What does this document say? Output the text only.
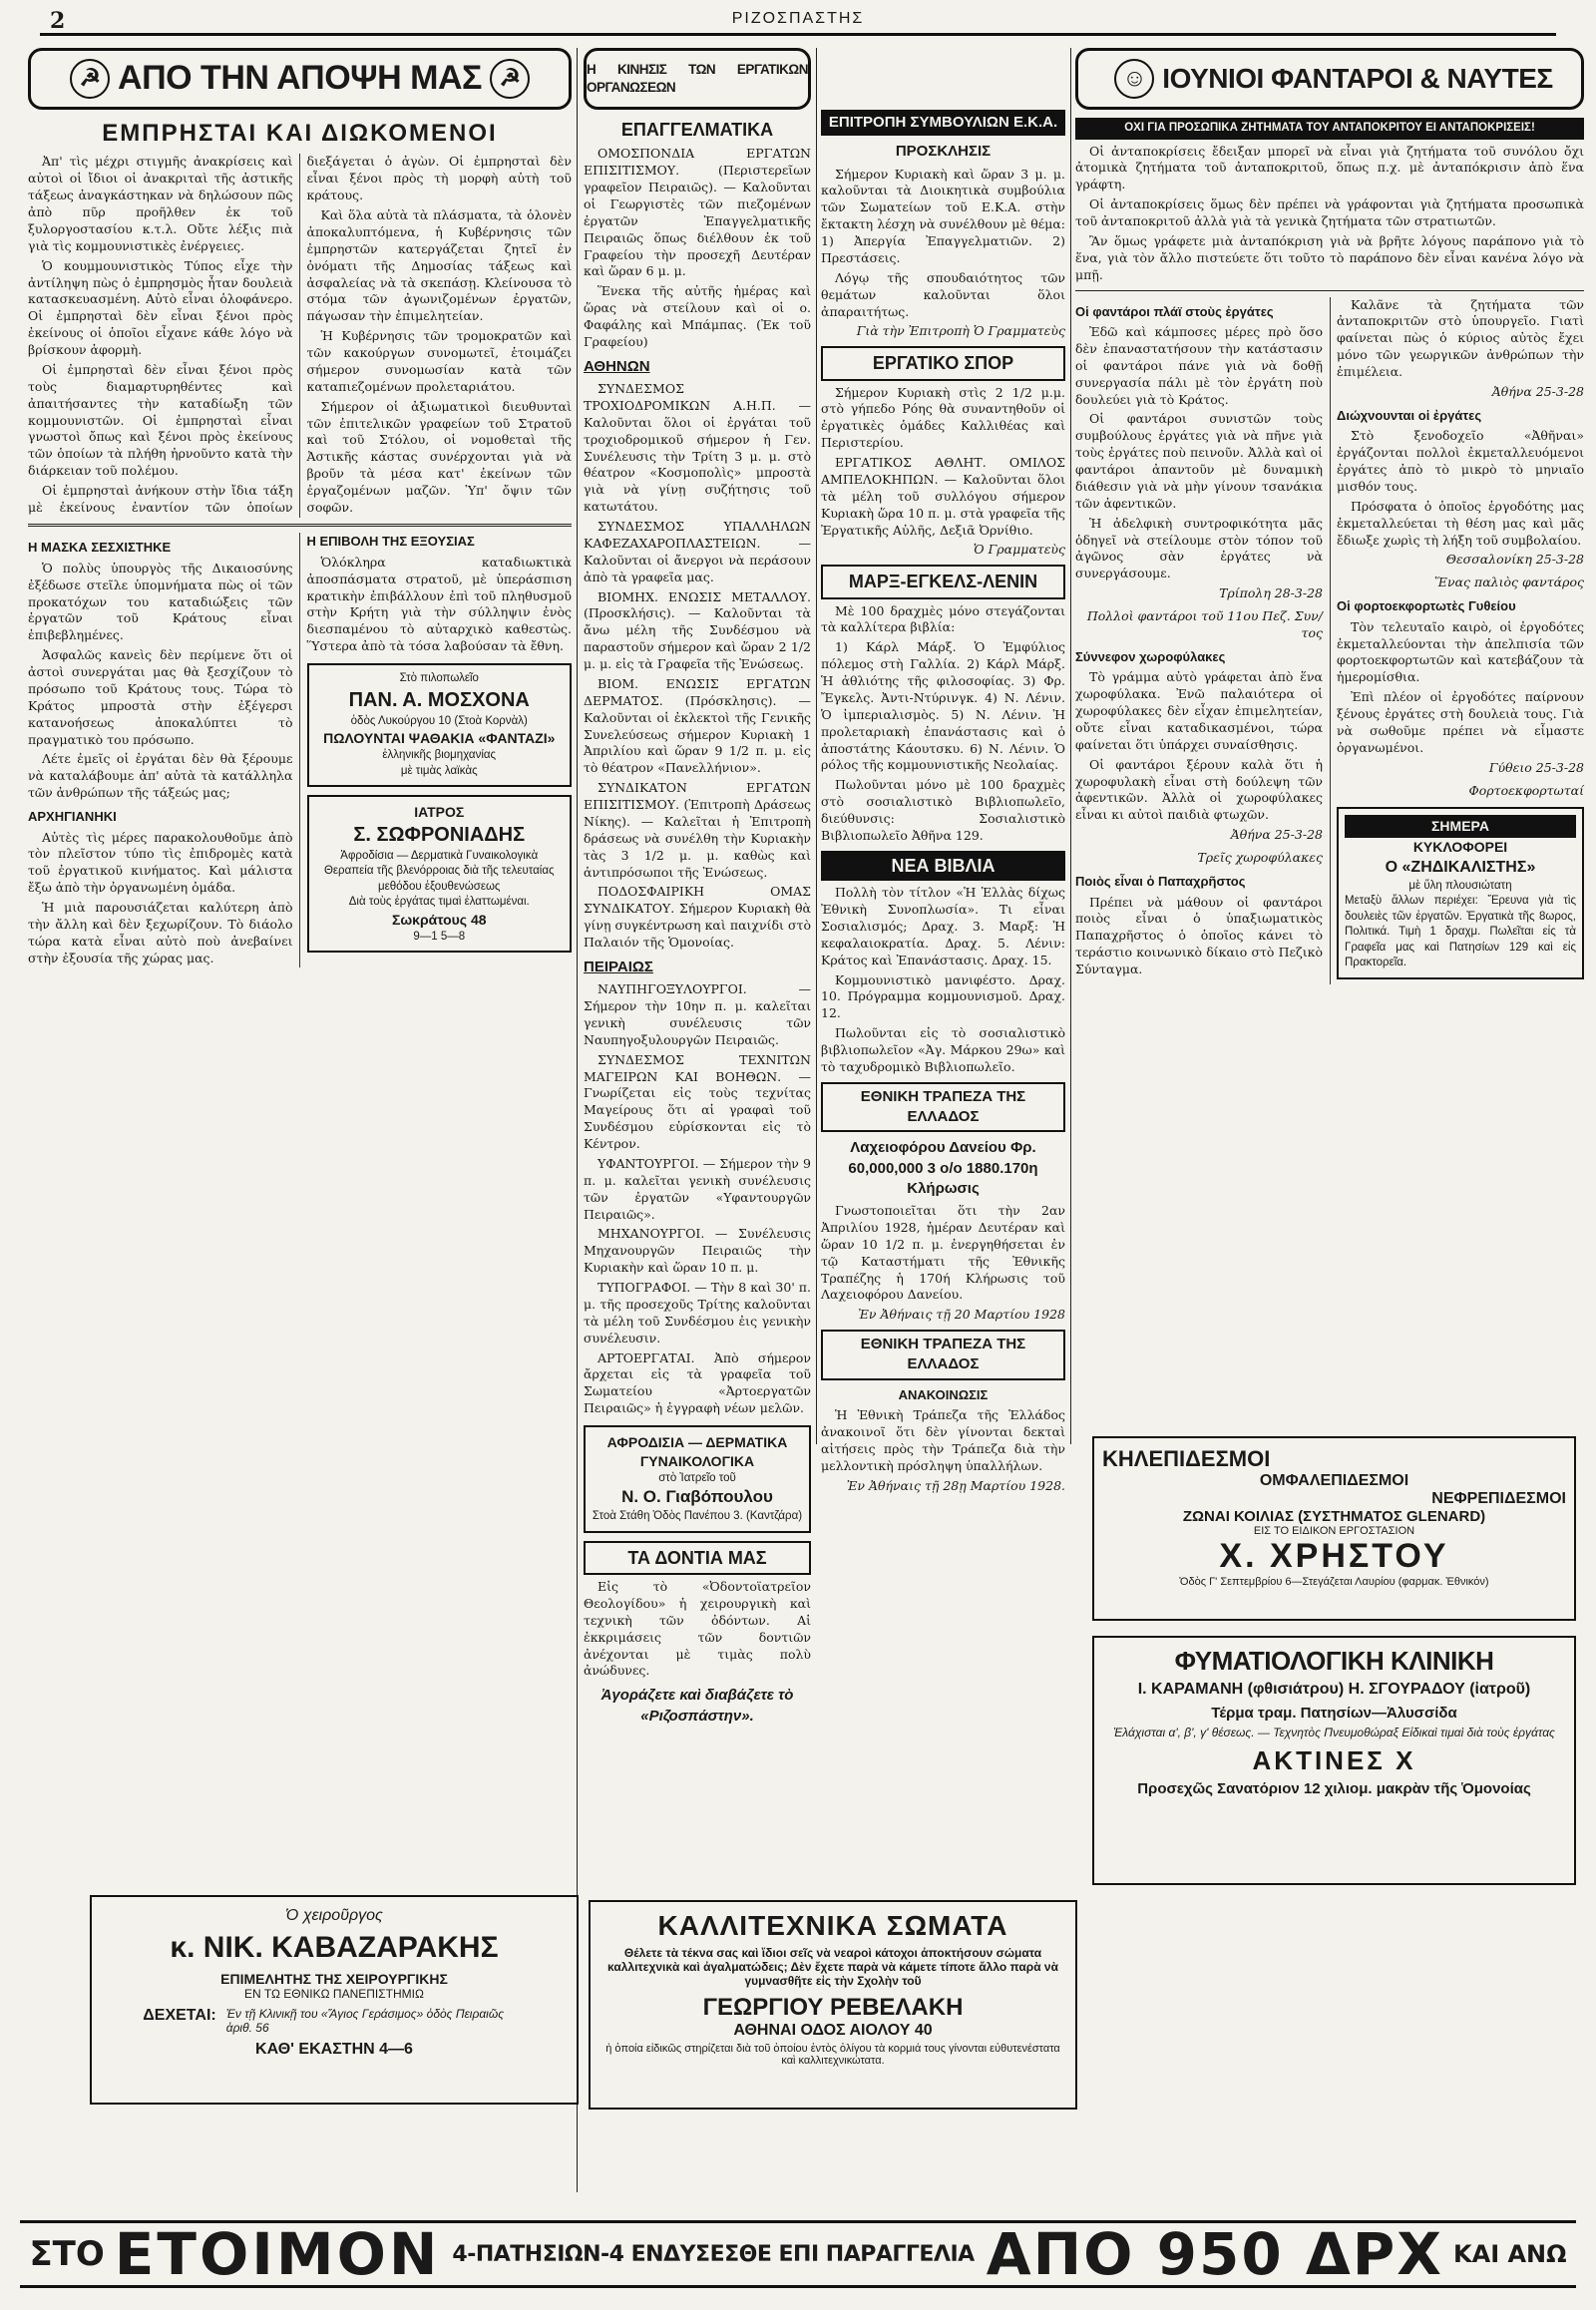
2	ΡΙΖΟΣΠΑΣΤΗΣ
☭ ΑΠΟ ΤΗΝ ΑΠΟΨΗ ΜΑΣ ☭
ΕΜΠΡΗΣΤΑΙ ΚΑΙ ΔΙΩΚΟΜΕΝΟΙ

Ἀπ' τὶς μέχρι στιγμῆς ἀνακρίσεις καὶ αὐτοὶ οἱ ἴδιοι οἱ ἀνακριταὶ τῆς ἀστικῆς τάξεως ἀναγκάστηκαν νὰ δηλώσουν πῶς ἀπὸ πῦρ προῆλθεν ἐκ τοῦ ξυλοργοστασίου κ.τ.λ. Οὔτε λέξις πιὰ γιὰ τὶς κομμουνιστικὲς ἐνέργειες.

Ὁ κουμμουνιστικὸς Τύπος εἶχε τὴν ἀντίληψη πὼς ὁ ἐμπρησμὸς ἦταν δουλειὰ κατασκευασμένη. Αὐτὸ εἶναι ὁλοφάνερο. Οἱ ἐμπρησταὶ δὲν εἶναι ξένοι πρὸς ἐκείνους οἱ ὁποῖοι εἶχανε κάθε λόγο νὰ βρίσκουν ἀφορμὴ.

Οἱ ἐμπρησταὶ δὲν εἶναι ξένοι πρὸς τοὺς διαμαρτυρηθέντες καὶ ἀπαιτήσαντες τὴν καταδίωξη τῶν κομμουνιστῶν. Οἱ ἐμπρησταὶ εἶναι γνωστοὶ ὄπως καὶ ξένοι πρὸς ἐκείνους τῶν ὁποίων τὰ πλήθη ἠρνοῦντο κατὰ τὴν διάρκειαν τοῦ πολέμου.

Οἱ ἐμπρησταὶ ἀνήκουν στὴν ἴδια τάξη μὲ ἐκείνους ἐναντίον τῶν ὁποίων διεξάγεται ὁ ἀγὼν. Οἱ ἐμπρησταὶ δὲν εἶναι ξένοι πρὸς τὴ μορφὴ αὐτὴ τοῦ κράτους.

Καὶ ὅλα αὐτὰ τὰ πλάσματα, τὰ ὁλονὲν ἀποκαλυπτόμενα, ἡ Κυβέρνησις τῶν ἐμπρηστῶν κατεργάζεται ζητεῖ ἐν ὀνόματι τῆς Δημοσίας τάξεως καὶ ἀσφαλείας νὰ τὰ σκεπάσῃ. Κλείνουσα τὸ στόμα τῶν ἀγωνιζομένων ἐργατῶν, πάγωσαν τὴν ἐπιμελητείαν.

Ἡ Κυβέρνησις τῶν τρομοκρατῶν καὶ τῶν κακούργων συνομωτεῖ, ἑτοιμάζει σήμερον συνομωσίαν κατὰ τῶν καταπιεζομένων προλεταριάτου.

Σήμερον οἱ ἀξιωματικοὶ διευθυνταὶ τῶν ἐπιτελικῶν γραφείων τοῦ Στρατοῦ καὶ τοῦ Στόλου, οἱ νομοθεταὶ τῆς Ἀστικῆς κάστας συνέρχονται γιὰ νὰ βροῦν τὰ μέσα κατ' ἐκείνων τῶν ἐργαζομένων μαζῶν. Ὑπ' ὄψιν τῶν σοφῶν.

Η ΜΑΣΚΑ ΣΕΣΧΙΣΤΗΚΕ

Ὁ πολὺς ὑπουργὸς τῆς Δικαιοσύνης ἐξέδωσε στεῖλε ὑπομνήματα πὼς οἱ τῶν προκατόχων του καταδιώξεις τῶν ἐργατῶν τοῦ Κράτους εἶναι ἐπιβεβλημένες.

Ἀσφαλῶς κανεὶς δὲν περίμενε ὅτι οἱ ἀστοὶ συνεργάται μας θὰ ξεσχίζουν τὸ πρόσωπο τοῦ Κράτους τους. Τώρα τὸ Κράτος μπροστὰ στὴν ἐξέγερσι κατανοήσεως ἀποκαλύπτει τὸ πραγματικὸ του πρόσωπο.

Λέτε ἐμεῖς οἱ ἐργάται δὲν θὰ ξέρουμε νὰ καταλάβουμε ἀπ' αὐτὰ τὰ κατάλληλα τῶν ἀνθρώπων τῆς τάξεώς μας;

ΑΡΧΗΓΙΑΝΗΚΙ

Αὐτὲς τὶς μέρες παρακολουθοῦμε ἀπὸ τὸν πλεῖστον τύπο τὶς ἐπιδρομὲς κατὰ τοῦ ἐργατικοῦ κινήματος. Καὶ μάλιστα ἔξω ἀπὸ τὴν ὀργανωμένη ὀμάδα.

Ἡ μιὰ παρουσιάζεται καλύτερη ἀπὸ τὴν ἄλλη καὶ δὲν ξεχωρίζουν. Τὸ διάολο τώρα κατὰ εἶναι αὐτὸ ποὺ ἀνεβαίνει στὴν ἐξουσία τῆς χώρας μας.

Η ΕΠΙΒΟΛΗ ΤΗΣ ΕΞΟΥΣΙΑΣ

Ὁλόκληρα καταδιωκτικὰ ἀποσπάσματα στρατοῦ, μὲ ὑπεράσπιση κρατικὴν ἐπιβάλλουν ἐπὶ τοῦ πληθυσμοῦ στὴν Κρήτη γιὰ τὴν σύλληψιν ἐνὸς διεσπαμένου τὸ αὐταρχικὸ καθεστὼς. Ὕστερα ἀπὸ τὰ τόσα λαβούσαν τὰ ἔθνη.

Στὸ πιλοπωλεῖο
ΠΑΝ. Α. ΜΟΣΧΟΝΑ
ὁδὸς Λυκούργου 10 (Στοὰ Κορνὰλ)
ΠΩΛΟΥΝΤΑΙ ΨΑΘΑΚΙΑ «ΦΑΝΤΑΖΙ»
ἑλληνικῆς βιομηχανίας
μὲ τιμὰς λαϊκὰς
ΙΑΤΡΟΣ
Σ. ΣΩΦΡΟΝΙΑΔΗΣ
Ἀφροδίσια — Δερματικὰ Γυναικολογικὰ
Θεραπεία τῆς βλενόρροιας διὰ τῆς τελευταίας μεθόδου ἐξουθενώσεως
Διὰ τοὺς ἐργάτας τιμαὶ ἐλαττωμέναι.
Σωκράτους 48
9—1 5—8
Ὁ χειροῦργος
κ. ΝΙΚ. ΚΑΒΑΖΑΡΑΚΗΣ
ΕΠΙΜΕΛΗΤΗΣ ΤΗΣ ΧΕΙΡΟΥΡΓΙΚΗΣ
ΕΝ ΤΩ ΕΘΝΙΚΩ ΠΑΝΕΠΙΣΤΗΜΙΩ
ΔΕΧΕΤΑΙ: Ἐν τῇ Κλινικῇ του «Ἅγιος Γεράσιμος» ὁδὸς Πειραιῶς ἀριθ. 56
ΚΑΘ' ΕΚΑΣΤΗΝ 4—6
Η ΚΙΝΗΣΙΣ ΤΩΝ ΕΡΓΑΤΙΚΩΝ ΟΡΓΑΝΩΣΕΩΝ
ΕΠΑΓΓΕΛΜΑΤΙΚΑ

ΟΜΟΣΠΟΝΔΙΑ ΕΡΓΑΤΩΝ ΕΠΙΣΙΤΙΣΜΟΥ. (Περιστερεῖων γραφεῖον Πειραιῶς). — Καλοῦνται οἱ Γεωργιστὲς τῶν πιεζομένων ἐργατῶν Ἐπαγγελματικῆς Πειραιῶς ὅπως διέλθουν ἐκ τοῦ Γραφείου τὴν προσεχῆ Δευτέραν καὶ ὥραν 6 μ. μ.

Ἕνεκα τῆς αὐτῆς ἡμέρας καὶ ὥρας νὰ στείλουν καὶ οἱ ο. Φαφάλης καὶ Μπάμπας. (Ἐκ τοῦ Γραφείου)

ΑΘΗΝΩΝ

ΣΥΝΔΕΣΜΟΣ ΤΡΟΧΙΟΔΡΟΜΙΚΩΝ Α.Η.Π. — Καλοῦνται ὅλοι οἱ ἐργάται τοῦ τροχιοδρομικοῦ σήμερον ἡ Γεν. Συνέλευσις τὴν Τρίτη 3 μ. μ. στὸ θέατρον «Κοσμοπολὶς» μπροστὰ γιὰ νὰ γίνῃ συζήτησις τοῦ κατωτάτου.

ΣΥΝΔΕΣΜΟΣ ΥΠΑΛΛΗΛΩΝ ΚΑΦΕΖΑΧΑΡΟΠΛΑΣΤΕΙΩΝ. — Καλοῦνται οἱ ἄνεργοι νὰ περάσουν ἀπὸ τὰ γραφεῖα μας.

ΒΙΟΜΗΧ. ΕΝΩΣΙΣ ΜΕΤΑΛΛΟΥ. (Προσκλήσις). — Καλοῦνται τὰ ἄνω μέλη τῆς Συνδέσμου νὰ παραστοῦν σήμερον καὶ ὥραν 2 1/2 μ. μ. εἰς τὰ Γραφεῖα τῆς Ἑνώσεως.

ΒΙΟΜ. ΕΝΩΣΙΣ ΕΡΓΑΤΩΝ ΔΕΡΜΑΤΟΣ. (Πρόσκλησις). — Καλοῦνται οἱ ἐκλεκτοὶ τῆς Γενικῆς Συνελεύσεως σήμερον Κυριακὴ 1 Ἀπριλίου καὶ ὥραν 9 1/2 π. μ. εἰς τὸ θέατρον «Πανελλήνιον».

ΣΥΝΔΙΚΑΤΟΝ ΕΡΓΑΤΩΝ ΕΠΙΣΙΤΙΣΜΟΥ. (Ἐπιτροπὴ Δράσεως Νίκης). — Καλεῖται ἡ Ἐπιτροπὴ δράσεως νὰ συνέλθη τὴν Κυριακὴν τὰς 3 1/2 μ. μ. καθὼς καὶ ἀντιπρόσωποι τῆς Ἐνώσεως.

ΠΟΔΟΣΦΑΙΡΙΚΗ ΟΜΑΣ ΣΥΝΔΙΚΑΤΟΥ. Σήμερον Κυριακὴ θὰ γίνῃ συγκέντρωση καὶ παιχνίδι στὸ Παλαιόν τῆς Ὁμονοίας.

ΠΕΙΡΑΙΩΣ

ΝΑΥΠΗΓΟΞΥΛΟΥΡΓΟΙ. — Σήμερον τὴν 10ην π. μ. καλεῖται γενικὴ συνέλευσις τῶν Ναυπηγοξυλουργῶν Πειραιῶς.

ΣΥΝΔΕΣΜΟΣ ΤΕΧΝΙΤΩΝ ΜΑΓΕΙΡΩΝ ΚΑΙ ΒΟΗΘΩΝ. — Γνωρίζεται εἰς τοὺς τεχνίτας Μαγείρους ὅτι αἱ γραφαὶ τοῦ Συνδέσμου εὑρίσκονται εἰς τὸ Κέντρον.

ΥΦΑΝΤΟΥΡΓΟΙ. — Σήμερον τὴν 9 π. μ. καλεῖται γενικὴ συνέλευσις τῶν ἐργατῶν «Υφαντουργῶν Πειραιῶς».

ΜΗΧΑΝΟΥΡΓΟΙ. — Συνέλευσις Μηχανουργῶν Πειραιῶς τὴν Κυριακὴν καὶ ὥραν 10 π. μ.

ΤΥΠΟΓΡΑΦΟΙ. — Τὴν 8 καὶ 30' π. μ. τῆς προσεχοῦς Τρίτης καλοῦνται τὰ μέλη τοῦ Συνδέσμου ἐις γενικὴν συνέλευσιν.

ΑΡΤΟΕΡΓΑΤΑΙ. Ἀπὸ σήμερον ἄρχεται εἰς τὰ γραφεῖα τοῦ Σωματείου «Ἀρτοεργατῶν Πειραιῶς» ἡ ἐγγραφὴ νέων μελῶν.

ΑΦΡΟΔΙΣΙΑ — ΔΕΡΜΑΤΙΚΑ ΓΥΝΑΙΚΟΛΟΓΙΚΑ
στὸ Ἰατρεῖο τοῦ
Ν. Ο. Γιαβόπουλου
Στοὰ Στάθη Ὁδὸς Πανέπου 3. (Καντζάρα)
ΤΑ ΔΟΝΤΙΑ ΜΑΣ

Εἰς τὸ «Ὀδοντοϊατρεῖον Θεολογίδου» ἡ χειρουργικὴ καὶ τεχνικὴ τῶν ὀδόντων. Αἱ ἐκκριμάσεις τῶν δοντιῶν ἀνέχονται μὲ τιμὰς πολὺ ἀνώδυνες.

Ἀγοράζετε καὶ διαβάζετε τὸ «Ριζοσπάστην».
ΕΠΙΤΡΟΠΗ ΣΥΜΒΟΥΛΙΩΝ Ε.Κ.Α.
ΠΡΟΣΚΛΗΣΙΣ

Σήμερον Κυριακὴ καὶ ὥραν 3 μ. μ. καλοῦνται τὰ Διοικητικὰ συμβούλια τῶν Σωματείων τοῦ Ε.Κ.Α. στὴν ἔκτακτη λέσχη νὰ συνέλθουν μὲ θέμα: 1) Ἀπεργία Ἐπαγγελματιῶν. 2) Πρεστάσεις.

Λόγῳ τῆς σπουδαιότητος τῶν θεμάτων καλοῦνται ὅλοι ἀπαραιτήτως.

Γιὰ τὴν Ἐπιτροπὴ Ὁ Γραμματεὺς
ΕΡΓΑΤΙΚΟ ΣΠΟΡ

Σήμερον Κυριακὴ στὶς 2 1/2 μ.μ. στὸ γήπεδο Ρόης θὰ συναντηθοῦν οἱ ἐργατικὲς ὁμάδες Καλλιθέας καὶ Περιστερίου.

ΕΡΓΑΤΙΚΟΣ ΑΘΛΗΤ. ΟΜΙΛΟΣ ΑΜΠΕΛΟΚΗΠΩΝ. — Καλοῦνται ὅλοι τὰ μέλη τοῦ συλλόγου σήμερον Κυριακὴ ὥρα 10 π. μ. στὰ γραφεῖα τῆς Ἐργατικῆς Αὐλῆς, Δεξιᾶ Ὀρνίθιο.

Ὁ Γραμματεὺς
ΜΑΡΞ-ΕΓΚΕΛΣ-ΛΕΝΙΝ

Μὲ 100 δραχμὲς μόνο στεγάζονται τὰ καλλίτερα βιβλία:

1) Κάρλ Μάρξ. Ὁ Ἐμφύλιος πόλεμος στὴ Γαλλία. 2) Κάρλ Μάρξ. Ἡ ἀθλιότης τῆς φιλοσοφίας. 3) Φρ. Ἔγκελς. Ἀντι-Ντύρινγκ. 4) Ν. Λένιν. Ὁ ἰμπεριαλισμὸς. 5) Ν. Λένιν. Ἡ προλεταριακὴ ἐπανάστασις καὶ ὁ ἀποστάτης Κάουτσκυ. 6) Ν. Λένιν. Ὁ ρόλος τῆς κομμουνιστικῆς Νεολαίας.

Πωλοῦνται μόνο μὲ 100 δραχμὲς στὸ σοσιαλιστικὸ Βιβλιοπωλεῖο, διεύθυνσις: Σοσιαλιστικὸ Βιβλιοπωλεῖο Ἀθῆνα 129.

ΝΕΑ ΒΙΒΛΙΑ

Πολλὴ τὸν τίτλον «Ἡ Ἑλλὰς δίχως Ἐθνικὴ Συνοπλωσία». Τι εἶναι Σοσιαλισμός; Δραχ. 3. Μαρξ: Ἡ κεφαλαιοκρατία. Δραχ. 5. Λένιν: Κράτος καὶ Ἐπανάστασις. Δραχ. 15.

Κομμουνιστικὸ μανιφέστο. Δραχ. 10. Πρόγραμμα κομμουνισμοῦ. Δραχ. 12.

Πωλοῦνται εἰς τὸ σοσιαλιστικὸ βιβλιοπωλεῖον «Ἀγ. Μάρκου 29ω» καὶ τὸ ταχυδρομικὸ Βιβλιοπωλεῖο.

ΕΘΝΙΚΗ ΤΡΑΠΕΖΑ ΤΗΣ ΕΛΛΑΔΟΣ
Λαχειοφόρου Δανείου Φρ. 60,000,000 3 ο/ο 1880.170η Κλήρωσις

Γνωστοποιεῖται ὅτι τὴν 2αν Ἀπριλίου 1928, ἡμέραν Δευτέραν καὶ ὥραν 10 1/2 π. μ. ἐνεργηθήσεται ἐν τῷ Καταστήματι τῆς Ἐθνικῆς Τραπέζης ἡ 170ή Κλήρωσις τοῦ Λαχειοφόρου Δανείου.

Ἐν Ἀθήναις τῇ 20 Μαρτίου 1928
ΕΘΝΙΚΗ ΤΡΑΠΕΖΑ ΤΗΣ ΕΛΛΑΔΟΣ
ΑΝΑΚΟΙΝΩΣΙΣ

Ἡ Ἐθνικὴ Τράπεζα τῆς Ἑλλάδος ἀνακοινοῖ ὅτι δὲν γίνονται δεκταὶ αἰτήσεις πρὸς τὴν Τράπεζα διὰ τὴν μελλοντικὴ πρόσληψη ὑπαλλήλων.

Ἐν Ἀθήναις τῇ 28ῃ Μαρτίου 1928.
☺ ΙΟΥΝΙΟΙ ΦΑΝΤΑΡΟΙ & ΝΑΥΤΕΣ
ΟΧΙ ΓΙΑ ΠΡΟΣΩΠΙΚΑ ΖΗΤΗΜΑΤΑ ΤΟΥ ΑΝΤΑΠΟΚΡΙΤΟΥ ΕΙ ΑΝΤΑΠΟΚΡΙΣΕΙΣ!

Οἱ ἀνταποκρίσεις ἔδειξαν μπορεῖ νὰ εἶναι γιὰ ζητήματα τοῦ συνόλου ὄχι ἀτομικὰ ζητήματα τοῦ ἀνταποκριτοῦ, ὅπως π.χ. μὲ ἀνταπόκρισιν ἀπὸ ἕνα γράφτη.

Οἱ ἀνταποκρίσεις ὅμως δὲν πρέπει νὰ γράφονται γιὰ ζητήματα προσωπικὰ τοῦ ἀνταποκριτοῦ ἀλλὰ γιὰ τὰ γενικὰ ζητήματα τῶν στρατιωτῶν.

Ἂν ὅμως γράφετε μιὰ ἀνταπόκριση γιὰ νὰ βρῆτε λόγους παράπονο γιὰ τὸ ἕνα, γιὰ τὸν ἄλλο πιστεύετε ὅτι τοῦτο τὸ παράπονο δὲν εἶναι κανένα λόγο νὰ μπῇ.

Οἱ φαντάροι πλάϊ στοὺς ἐργάτες

Ἐδῶ καὶ κάμποσες μέρες πρὸ ὅσο δὲν ἐπαναστατήσουν τὴν κατάστασιν οἱ φαντάροι πάνε γιὰ νὰ δοθῇ συνεργασία πάλι μὲ τὸν ἐργάτη ποὺ δουλεύει γιὰ τὸ Κράτος.

Οἱ φαντάροι συνιστῶν τοὺς συμβούλους ἐργάτες γιὰ νὰ πῆνε γιὰ τοὺς ἐργάτες ποὺ πεινοῦν. Ἀλλὰ καὶ οἱ φαντάροι ἀπαντοῦν μὲ δυναμικὴ διάθεσιν γιὰ νὰ μὴν γίνουν τσανάκια τῶν ἀφεντικῶν.

Ἡ ἀδελφικὴ συντροφικότητα μᾶς ὁδηγεῖ νὰ στείλουμε στὸν τόπον τοῦ ἀγῶνος σὰν ἐργάτες νὰ συνεργάσουμε.

Τρίπολη 28-3-28
Πολλοὶ φαντάροι τοῦ 11ου Πεζ. Συν/τος
Σύννεφον χωροφύλακες

Τὸ γράμμα αὐτὸ γράφεται ἀπὸ ἕνα χωροφύλακα. Ἐνῶ παλαιότερα οἱ χωροφύλακες δὲν εἶχαν ἐπιμελητείαν, οὔτε εἶναι καταδικασμένοι, τώρα φαίνεται ὅτι ὑπάρχει συναίσθησις.

Οἱ φαντάροι ξέρουν καλὰ ὅτι ἡ χωροφυλακὴ εἶναι στὴ δούλεψη τῶν ἀφεντικῶν. Ἀλλὰ οἱ χωροφύλακες εἶναι κι αὐτοὶ παιδιὰ φτωχῶν.

Ἀθήνα 25-3-28
Τρεῖς χωροφύλακες
Ποιὸς εἶναι ὁ Παπαχρῆστος

Πρέπει νὰ μάθουν οἱ φαντάροι ποιὸς εἶναι ὁ ὑπαξιωματικὸς Παπαχρῆστος ὁ ὁποῖος κάνει τὸ τεράστιο κοινωνικὸ δίκαιο στὸ Πεζικὸ Σύνταγμα.

Καλᾶνε τὰ ζητήματα τῶν ἀνταποκριτῶν στὸ ὑπουργεῖο. Γιατὶ φαίνεται πὼς ὁ κύριος αὐτὸς ἔχει μόνο τῶν γεωργικῶν ἀνθρώπων τὴν ἐπιμέλεια.

Ἀθήνα 25-3-28
Διώχνουνται οἱ ἐργάτες

Στὸ ξενοδοχεῖο «Ἀθῆναι» ἐργάζονται πολλοὶ ἐκμεταλλευόμενοι ἐργάτες ἀπὸ τὸ μικρὸ τὸ μηνιαῖο μισθόν τους.

Πρόσφατα ὁ ὁποῖος ἐργοδότης μας ἐκμεταλλεύεται τὴ θέση μας καὶ μᾶς ἔδιωξε χωρὶς τὴ λήξη τοῦ συμβολαίου.

Θεσσαλονίκη 25-3-28
Ἕνας παλιὸς φαντάρος
Οἱ φορτοεκφορτωτὲς Γυθείου

Τὸν τελευταῖο καιρὸ, οἱ ἐργοδότες ἐκμεταλλεύονται τὴν ἀπελπισία τῶν φορτοεκφορτωτῶν καὶ κατεβάζουν τὰ ἡμερομίσθια.

Ἐπὶ πλέον οἱ ἐργοδότες παίρνουν ξένους ἐργάτες στὴ δουλειὰ τους. Γιὰ νὰ σωθοῦμε πρέπει νὰ εἶμαστε ὀργανωμένοι.

Γύθειο 25-3-28
Φορτοεκφορτωταί
ΣΗΜΕΡΑ
ΚΥΚΛΟΦΟΡΕΙ
Ο «ΖΗΔΙΚΑΛΙΣΤΗΣ»
μὲ ὕλη πλουσιώτατη
Μεταξὺ ἄλλων περιέχει: Ἔρευνα γιὰ τὶς δουλειὲς τῶν ἐργατῶν. Ἐργατικὰ τῆς 8ωρος, Πολιτικά. Τιμὴ 1 δραχμ. Πωλεῖται εἰς τὰ Γραφεῖα μας καὶ Πατησίων 129 καὶ εἰς Πρακτορεῖα.
ΚΗΛΕΠΙΔΕΣΜΟΙ
ΟΜΦΑΛΕΠΙΔΕΣΜΟΙ
ΝΕΦΡΕΠΙΔΕΣΜΟΙ
ΖΩΝΑΙ ΚΟΙΛΙΑΣ (ΣΥΣΤΗΜΑΤΟΣ GLENARD)
ΕΙΣ ΤΟ ΕΙΔΙΚΟΝ ΕΡΓΟΣΤΑΣΙΟΝ
Χ. ΧΡΗΣΤΟΥ
Ὁδὸς Γ' Σεπτεμβρίου 6—Στεγάζεται Λαυρίου (φαρμακ. Ἐθνικόν)
ΦΥΜΑΤΙΟΛΟΓΙΚΗ ΚΛΙΝΙΚΗ
Ι. ΚΑΡΑΜΑΝΗ (φθισιάτρου) Η. ΣΓΟΥΡΑΔΟΥ (ἰατροῦ)
Τέρμα τραμ. Πατησίων—Ἀλυσσίδα
Ἐλάχισται α', β', γ' θέσεως. — Τεχνητὸς Πνευμοθώραξ Εἰδικαὶ τιμαὶ διὰ τοὺς ἐργάτας
ΑΚΤΙΝΕΣ Χ
Προσεχῶς Σανατόριον 12 χιλιομ. μακρὰν τῆς Ὁμονοίας
ΚΑΛΛΙΤΕΧΝΙΚΑ ΣΩΜΑΤΑ
Θέλετε τὰ τέκνα σας καὶ ἴδιοι σεῖς νὰ νεαροὶ κάτοχοι ἀποκτήσουν σώματα καλλιτεχνικὰ καὶ ἀγαλματώδεις; Δὲν ἔχετε παρὰ νὰ κάμετε τίποτε ἄλλο παρὰ νὰ γυμνασθῆτε εἰς τὴν Σχολὴν τοῦ
ΓΕΩΡΓΙΟΥ ΡΕΒΕΛΑΚΗ
ΑΘΗΝΑΙ ΟΔΟΣ ΑΙΟΛΟΥ 40
ἡ ὁποία εἰδικῶς στηρίζεται διὰ τοῦ ὁποίου ἐντὸς ὀλίγου τὰ κορμιά τους γίνονται εὐθυτενέστατα καὶ καλλιτεχνικώτατα.
ΣΤΟ ΕΤΟΙΜΟΝ 4-ΠΑΤΗΣΙΩΝ-4 ΕΝΔΥΣΕΣΘΕ ΕΠΙ ΠΑΡΑΓΓΕΛΙΑ ΑΠΟ 950 ΔΡΧ ΚΑΙ ΑΝΩ
